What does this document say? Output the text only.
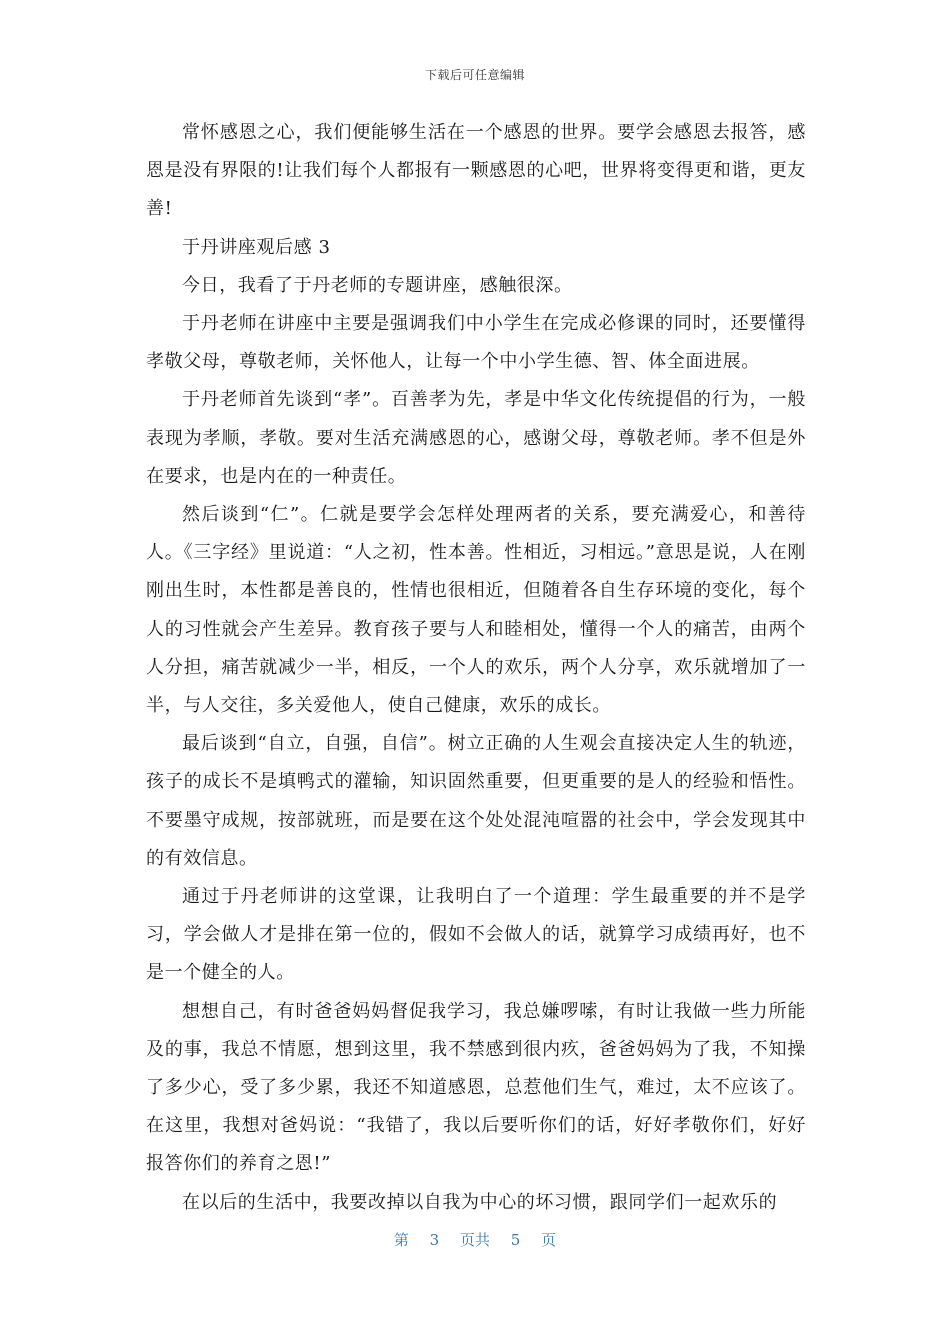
下载后可任意编辑

常怀感恩之心，我们便能够生活在一个感恩的世界。要学会感恩去报答，感恩是没有界限的!让我们每个人都报有一颗感恩的心吧，世界将变得更和谐，更友善!

于丹讲座观后感 3

今日，我看了于丹老师的专题讲座，感触很深。

于丹老师在讲座中主要是强调我们中小学生在完成必修课的同时，还要懂得孝敬父母，尊敬老师，关怀他人，让每一个中小学生德、智、体全面进展。

于丹老师首先谈到“孝”。百善孝为先，孝是中华文化传统提倡的行为，一般表现为孝顺，孝敬。要对生活充满感恩的心，感谢父母，尊敬老师。孝不但是外在要求，也是内在的一种责任。

然后谈到“仁”。仁就是要学会怎样处理两者的关系，要充满爱心，和善待人。《三字经》里说道：“人之初，性本善。性相近，习相远。”意思是说，人在刚刚出生时，本性都是善良的，性情也很相近，但随着各自生存环境的变化，每个人的习性就会产生差异。教育孩子要与人和睦相处，懂得一个人的痛苦，由两个人分担，痛苦就减少一半，相反，一个人的欢乐，两个人分享，欢乐就增加了一半，与人交往，多关爱他人，使自己健康，欢乐的成长。

最后谈到“自立，自强，自信”。树立正确的人生观会直接决定人生的轨迹，孩子的成长不是填鸭式的灌输，知识固然重要，但更重要的是人的经验和悟性。不要墨守成规，按部就班，而是要在这个处处混沌喧嚣的社会中，学会发现其中的有效信息。

通过于丹老师讲的这堂课，让我明白了一个道理：学生最重要的并不是学习，学会做人才是排在第一位的，假如不会做人的话，就算学习成绩再好，也不是一个健全的人。

想想自己，有时爸爸妈妈督促我学习，我总嫌啰嗦，有时让我做一些力所能及的事，我总不情愿，想到这里，我不禁感到很内疚，爸爸妈妈为了我，不知操了多少心，受了多少累，我还不知道感恩，总惹他们生气，难过，太不应该了。在这里，我想对爸妈说：“我错了，我以后要听你们的话，好好孝敬你们，好好报答你们的养育之恩!”

在以后的生活中，我要改掉以自我为中心的坏习惯，跟同学们一起欢乐的

第 3 页共 5 页
